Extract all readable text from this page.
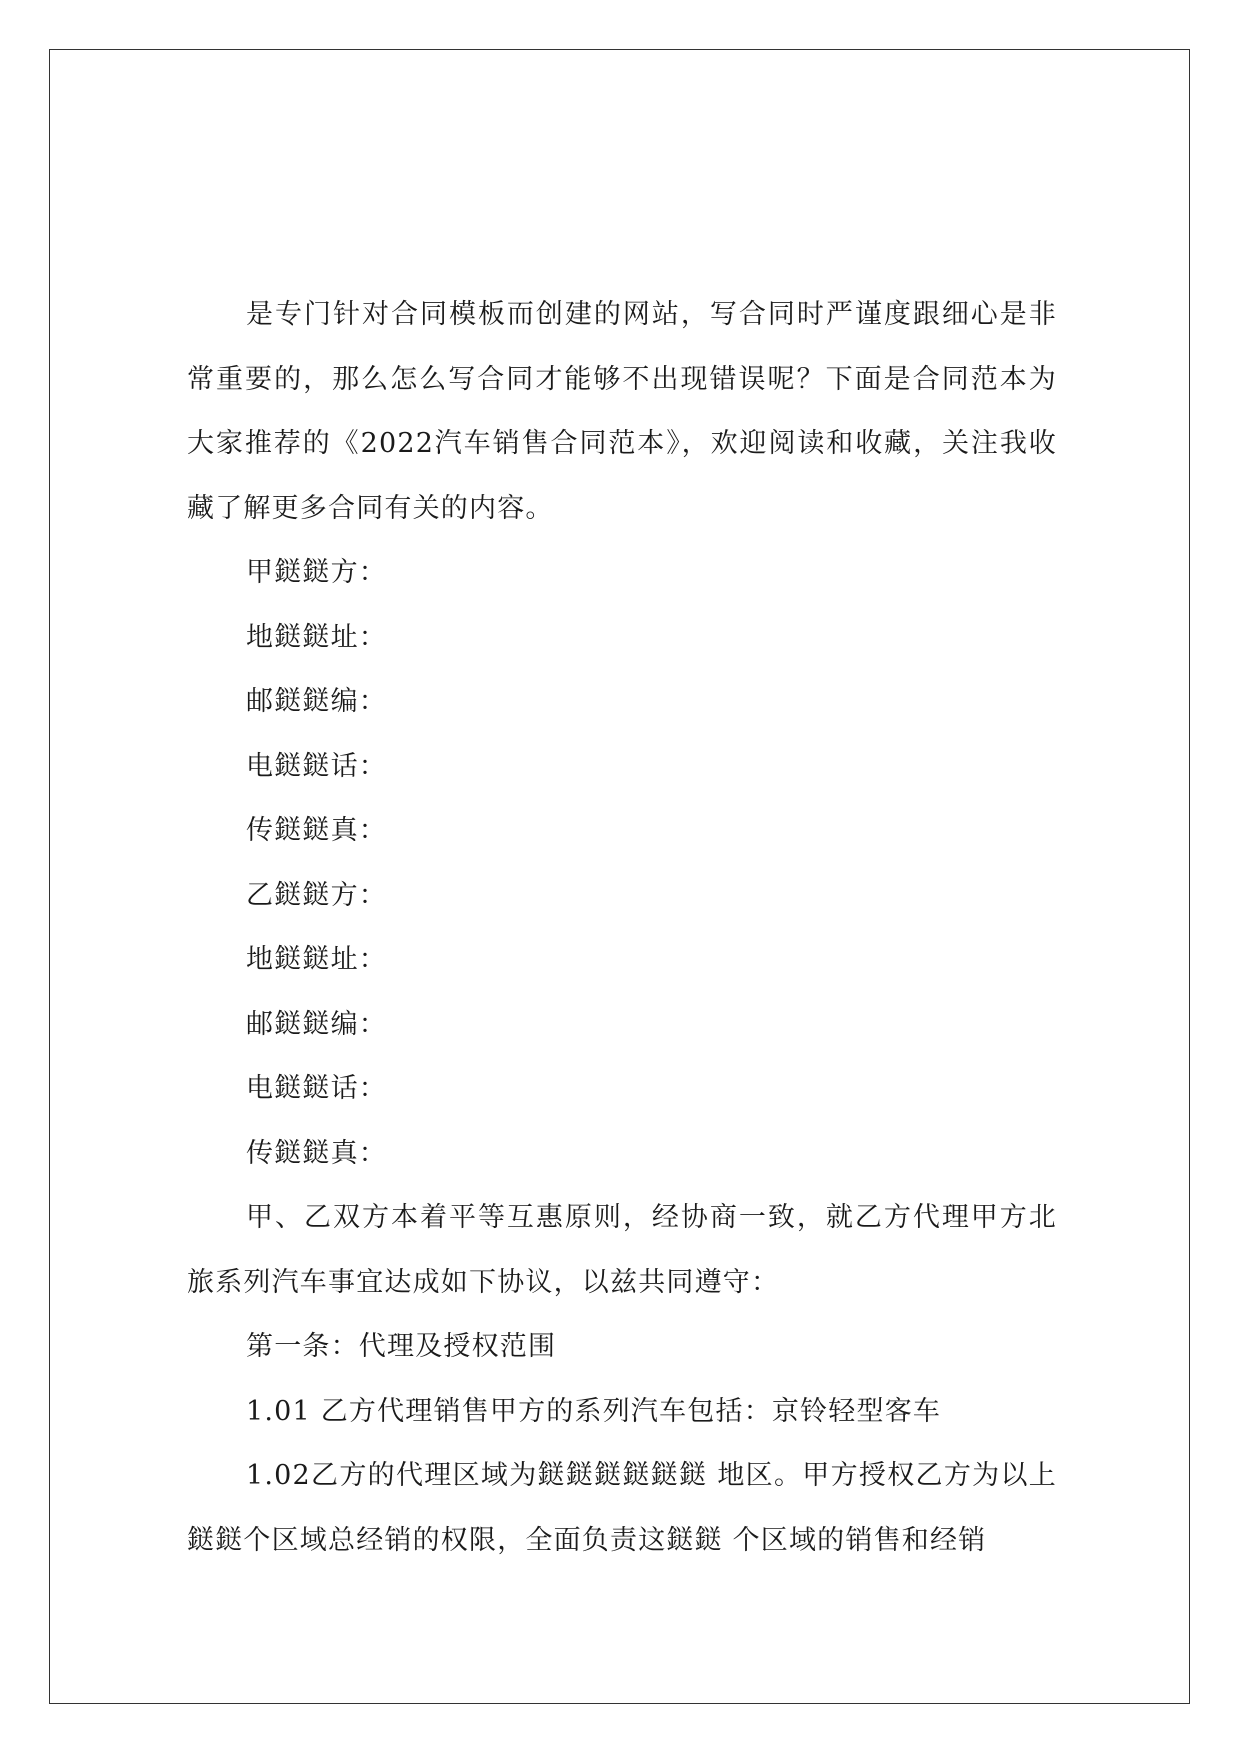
是专门针对合同模板而创建的网站，写合同时严谨度跟细心是非常重要的，那么怎么写合同才能够不出现错误呢？下面是合同范本为大家推荐的《2022汽车销售合同范本》，欢迎阅读和收藏，关注我收藏了解更多合同有关的内容。

甲鎹鎹方：

地鎹鎹址：

邮鎹鎹编：

电鎹鎹话：

传鎹鎹真：

乙鎹鎹方：

地鎹鎹址：

邮鎹鎹编：

电鎹鎹话：

传鎹鎹真：

甲、乙双方本着平等互惠原则，经协商一致，就乙方代理甲方北旅系列汽车事宜达成如下协议，以兹共同遵守：

第一条：代理及授权范围

1.01 乙方代理销售甲方的系列汽车包括：京铃轻型客车

1.02乙方的代理区域为鎹鎹鎹鎹鎹鎹 地区。甲方授权乙方为以上鎹鎹个区域总经销的权限，全面负责这鎹鎹 个区域的销售和经销
